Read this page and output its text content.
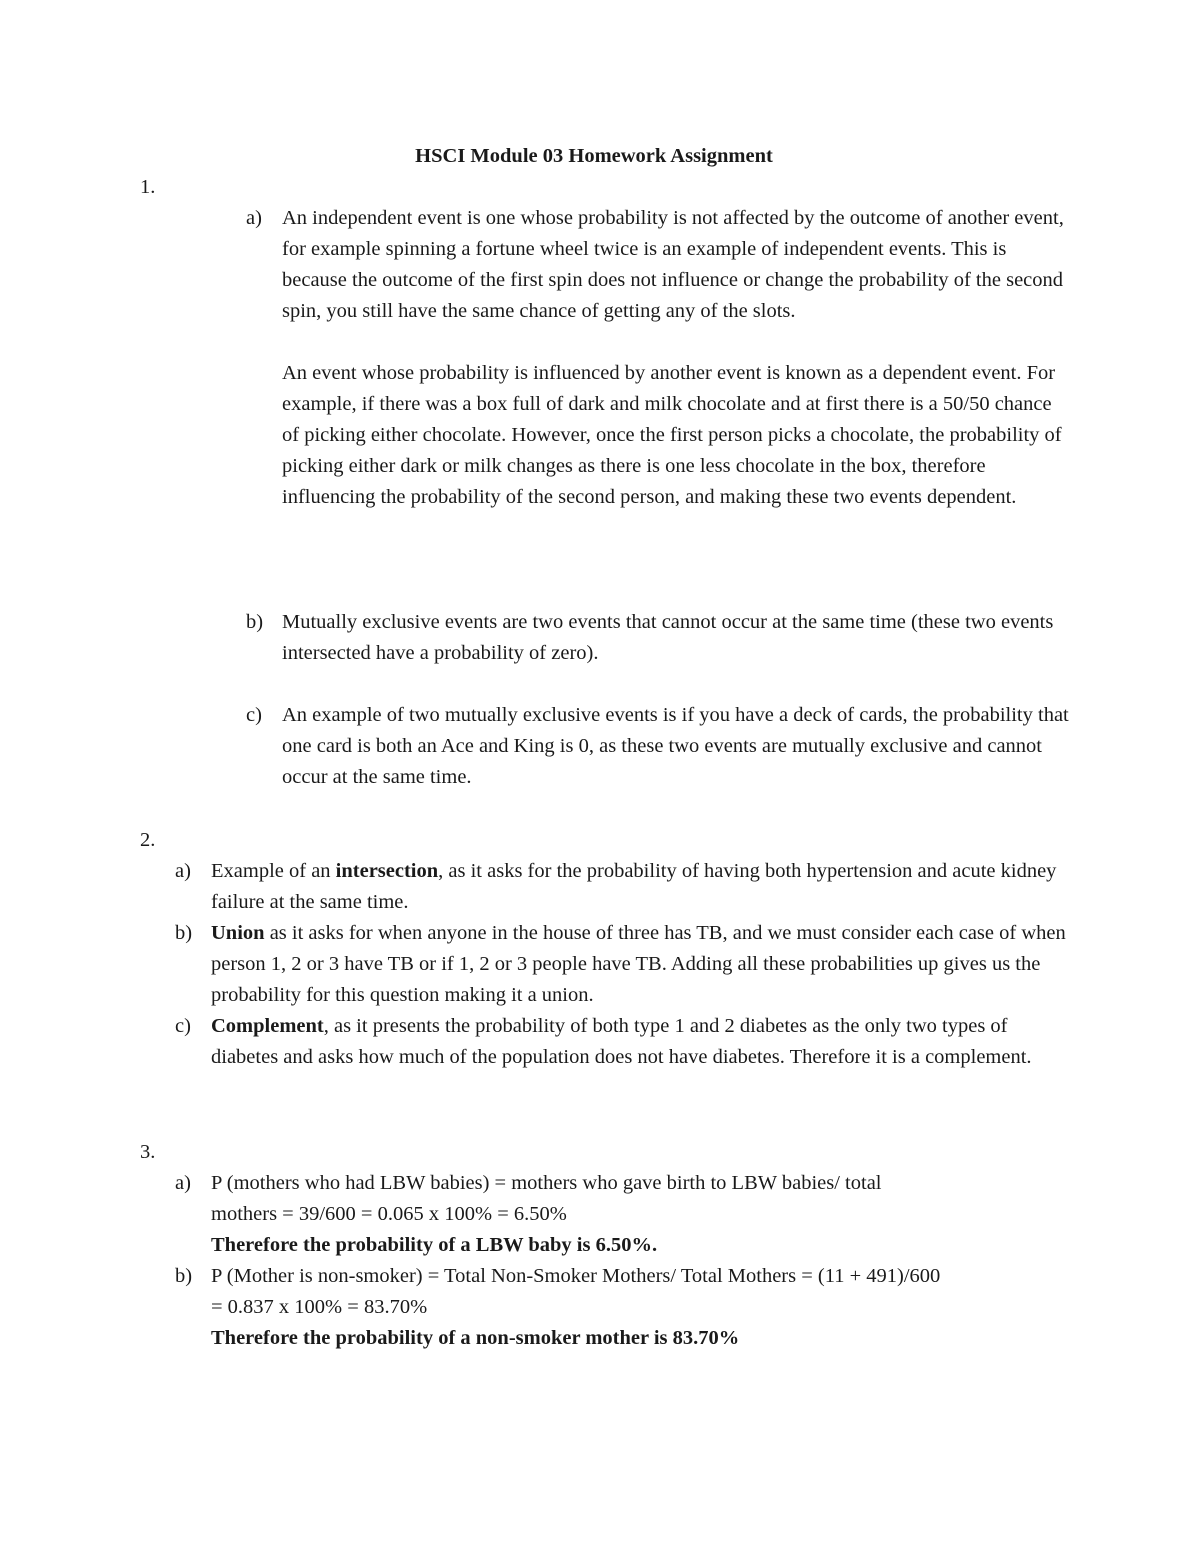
HSCI Module 03 Homework Assignment
1.
a) An independent event is one whose probability is not affected by the outcome of another event, for example spinning a fortune wheel twice is an example of independent events. This is because the outcome of the first spin does not influence or change the probability of the second spin, you still have the same chance of getting any of the slots.

An event whose probability is influenced by another event is known as a dependent event. For example, if there was a box full of dark and milk chocolate and at first there is a 50/50 chance of picking either chocolate. However, once the first person picks a chocolate, the probability of picking either dark or milk changes as there is one less chocolate in the box, therefore influencing the probability of the second person, and making these two events dependent.

b) Mutually exclusive events are two events that cannot occur at the same time (these two events intersected have a probability of zero).
c) An example of two mutually exclusive events is if you have a deck of cards, the probability that one card is both an Ace and King is 0, as these two events are mutually exclusive and cannot occur at the same time.
2.
a) Example of an intersection, as it asks for the probability of having both hypertension and acute kidney failure at the same time.
b) Union as it asks for when anyone in the house of three has TB, and we must consider each case of when person 1, 2 or 3 have TB or if 1, 2 or 3 people have TB. Adding all these probabilities up gives us the probability for this question making it a union.
c) Complement, as it presents the probability of both type 1 and 2 diabetes as the only two types of diabetes and asks how much of the population does not have diabetes. Therefore it is a complement.
3.
a) P (mothers who had LBW babies) = mothers who gave birth to LBW babies/ total

mothers = 39/600 = 0.065 x 100% = 6.50%

Therefore the probability of a LBW baby is 6.50%.

b) P (Mother is non-smoker) = Total Non-Smoker Mothers/ Total Mothers = (11 + 491)/600

= 0.837 x 100% = 83.70%

Therefore the probability of a non-smoker mother is 83.70%
